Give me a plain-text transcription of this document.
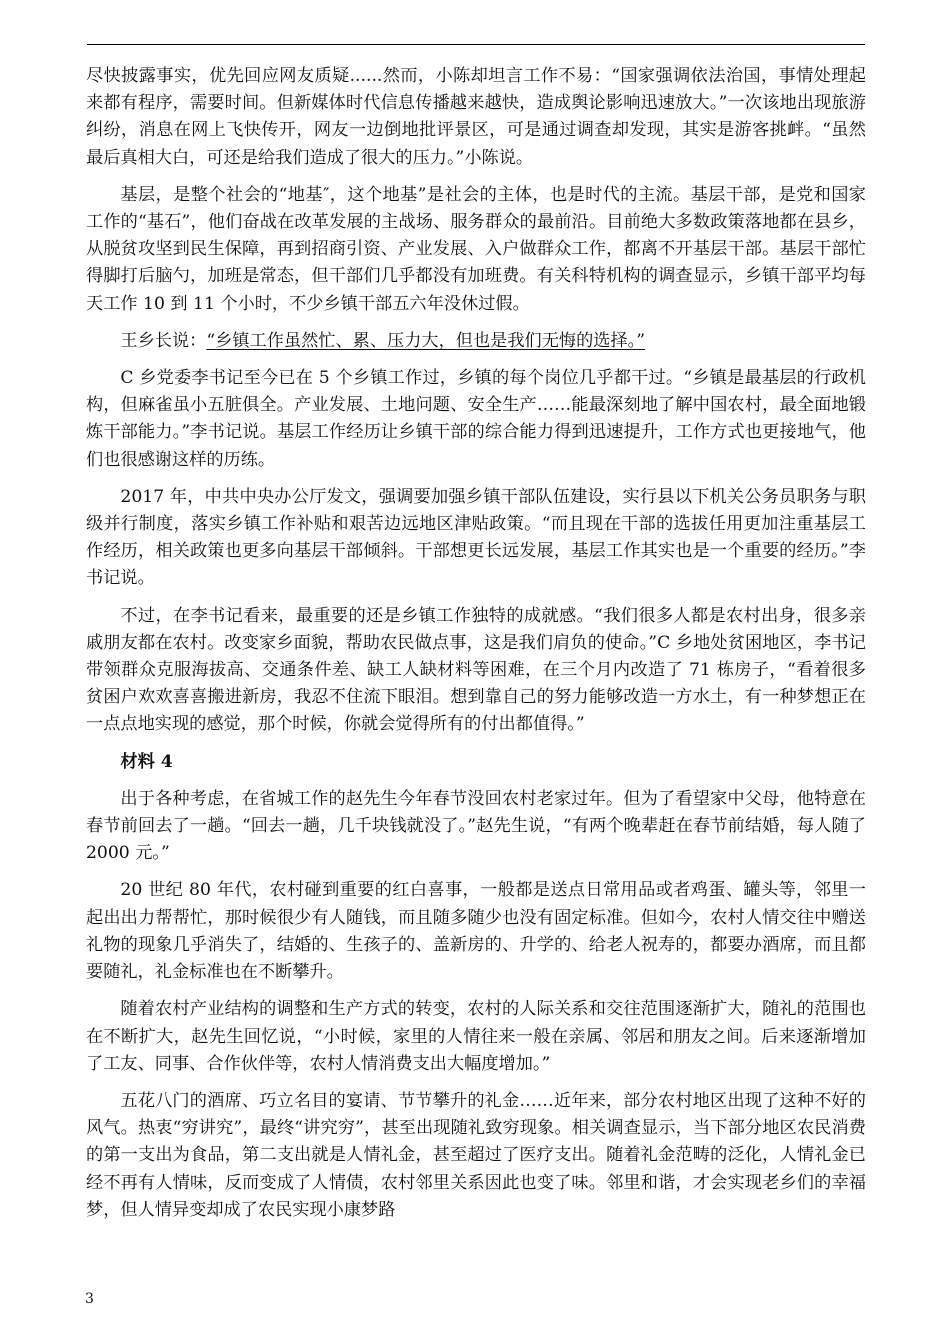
尽快披露事实，优先回应网友质疑......然而，小陈却坦言工作不易：“国家强调依法治国，事情处理起来都有程序，需要时间。但新媒体时代信息传播越来越快，造成舆论影响迅速放大。”一次该地出现旅游纠纷，消息在网上飞快传开，网友一边倒地批评景区，可是通过调查却发现，其实是游客挑衅。“虽然最后真相大白，可还是给我们造成了很大的压力。”小陈说。

基层，是整个社会的“地基″，这个地基”是社会的主体，也是时代的主流。基层干部，是党和国家工作的“基石”，他们奋战在改革发展的主战场、服务群众的最前沿。目前绝大多数政策落地都在县乡，从脱贫攻坚到民生保障，再到招商引资、产业发展、入户做群众工作，都离不开基层干部。基层干部忙得脚打后脑勺，加班是常态，但干部们几乎都没有加班费。有关科特机构的调查显示，乡镇干部平均每天工作 10 到 11 个小时，不少乡镇干部五六年没休过假。

王乡长说：“乡镇工作虽然忙、累、压力大，但也是我们无悔的选择。”

C 乡党委李书记至今已在 5 个乡镇工作过，乡镇的每个岗位几乎都干过。“乡镇是最基层的行政机构，但麻雀虽小五脏俱全。产业发展、土地问题、安全生产……能最深刻地了解中国农村，最全面地锻炼干部能力。”李书记说。基层工作经历让乡镇干部的综合能力得到迅速提升，工作方式也更接地气，他们也很感谢这样的历练。

2017 年，中共中央办公厅发文，强调要加强乡镇干部队伍建设，实行县以下机关公务员职务与职级并行制度，落实乡镇工作补贴和艰苦边远地区津贴政策。“而且现在干部的选拔任用更加注重基层工作经历，相关政策也更多向基层干部倾斜。干部想更长远发展，基层工作其实也是一个重要的经历。”李书记说。

不过，在李书记看来，最重要的还是乡镇工作独特的成就感。“我们很多人都是农村出身，很多亲戚朋友都在农村。改变家乡面貌，帮助农民做点事，这是我们肩负的使命。”C 乡地处贫困地区，李书记带领群众克服海拔高、交通条件差、缺工人缺材料等困难，在三个月内改造了 71 栋房子，“看着很多贫困户欢欢喜喜搬进新房，我忍不住流下眼泪。想到靠自己的努力能够改造一方水土，有一种梦想正在一点点地实现的感觉，那个时候，你就会觉得所有的付出都值得。”

材料 4

出于各种考虑，在省城工作的赵先生今年春节没回农村老家过年。但为了看望家中父母，他特意在春节前回去了一趟。“回去一趟，几千块钱就没了。”赵先生说，“有两个晚辈赶在春节前结婚，每人随了 2000 元。”

20 世纪 80 年代，农村碰到重要的红白喜事，一般都是送点日常用品或者鸡蛋、罐头等，邻里一起出出力帮帮忙，那时候很少有人随钱，而且随多随少也没有固定标准。但如今，农村人情交往中赠送礼物的现象几乎消失了，结婚的、生孩子的、盖新房的、升学的、给老人祝寿的，都要办酒席，而且都要随礼，礼金标准也在不断攀升。

随着农村产业结构的调整和生产方式的转变，农村的人际关系和交往范围逐渐扩大，随礼的范围也在不断扩大，赵先生回忆说，“小时候，家里的人情往来一般在亲属、邻居和朋友之间。后来逐渐增加了工友、同事、合作伙伴等，农村人情消费支出大幅度增加。”

五花八门的酒席、巧立名目的宴请、节节攀升的礼金……近年来，部分农村地区出现了这种不好的风气。热衷“穷讲究”，最终“讲究穷”，甚至出现随礼致穷现象。相关调查显示，当下部分地区农民消费的第一支出为食品，第二支出就是人情礼金，甚至超过了医疗支出。随着礼金范畴的泛化，人情礼金已经不再有人情味，反而变成了人情债，农村邻里关系因此也变了味。邻里和谐，才会实现老乡们的幸福梦，但人情异变却成了农民实现小康梦路

3
